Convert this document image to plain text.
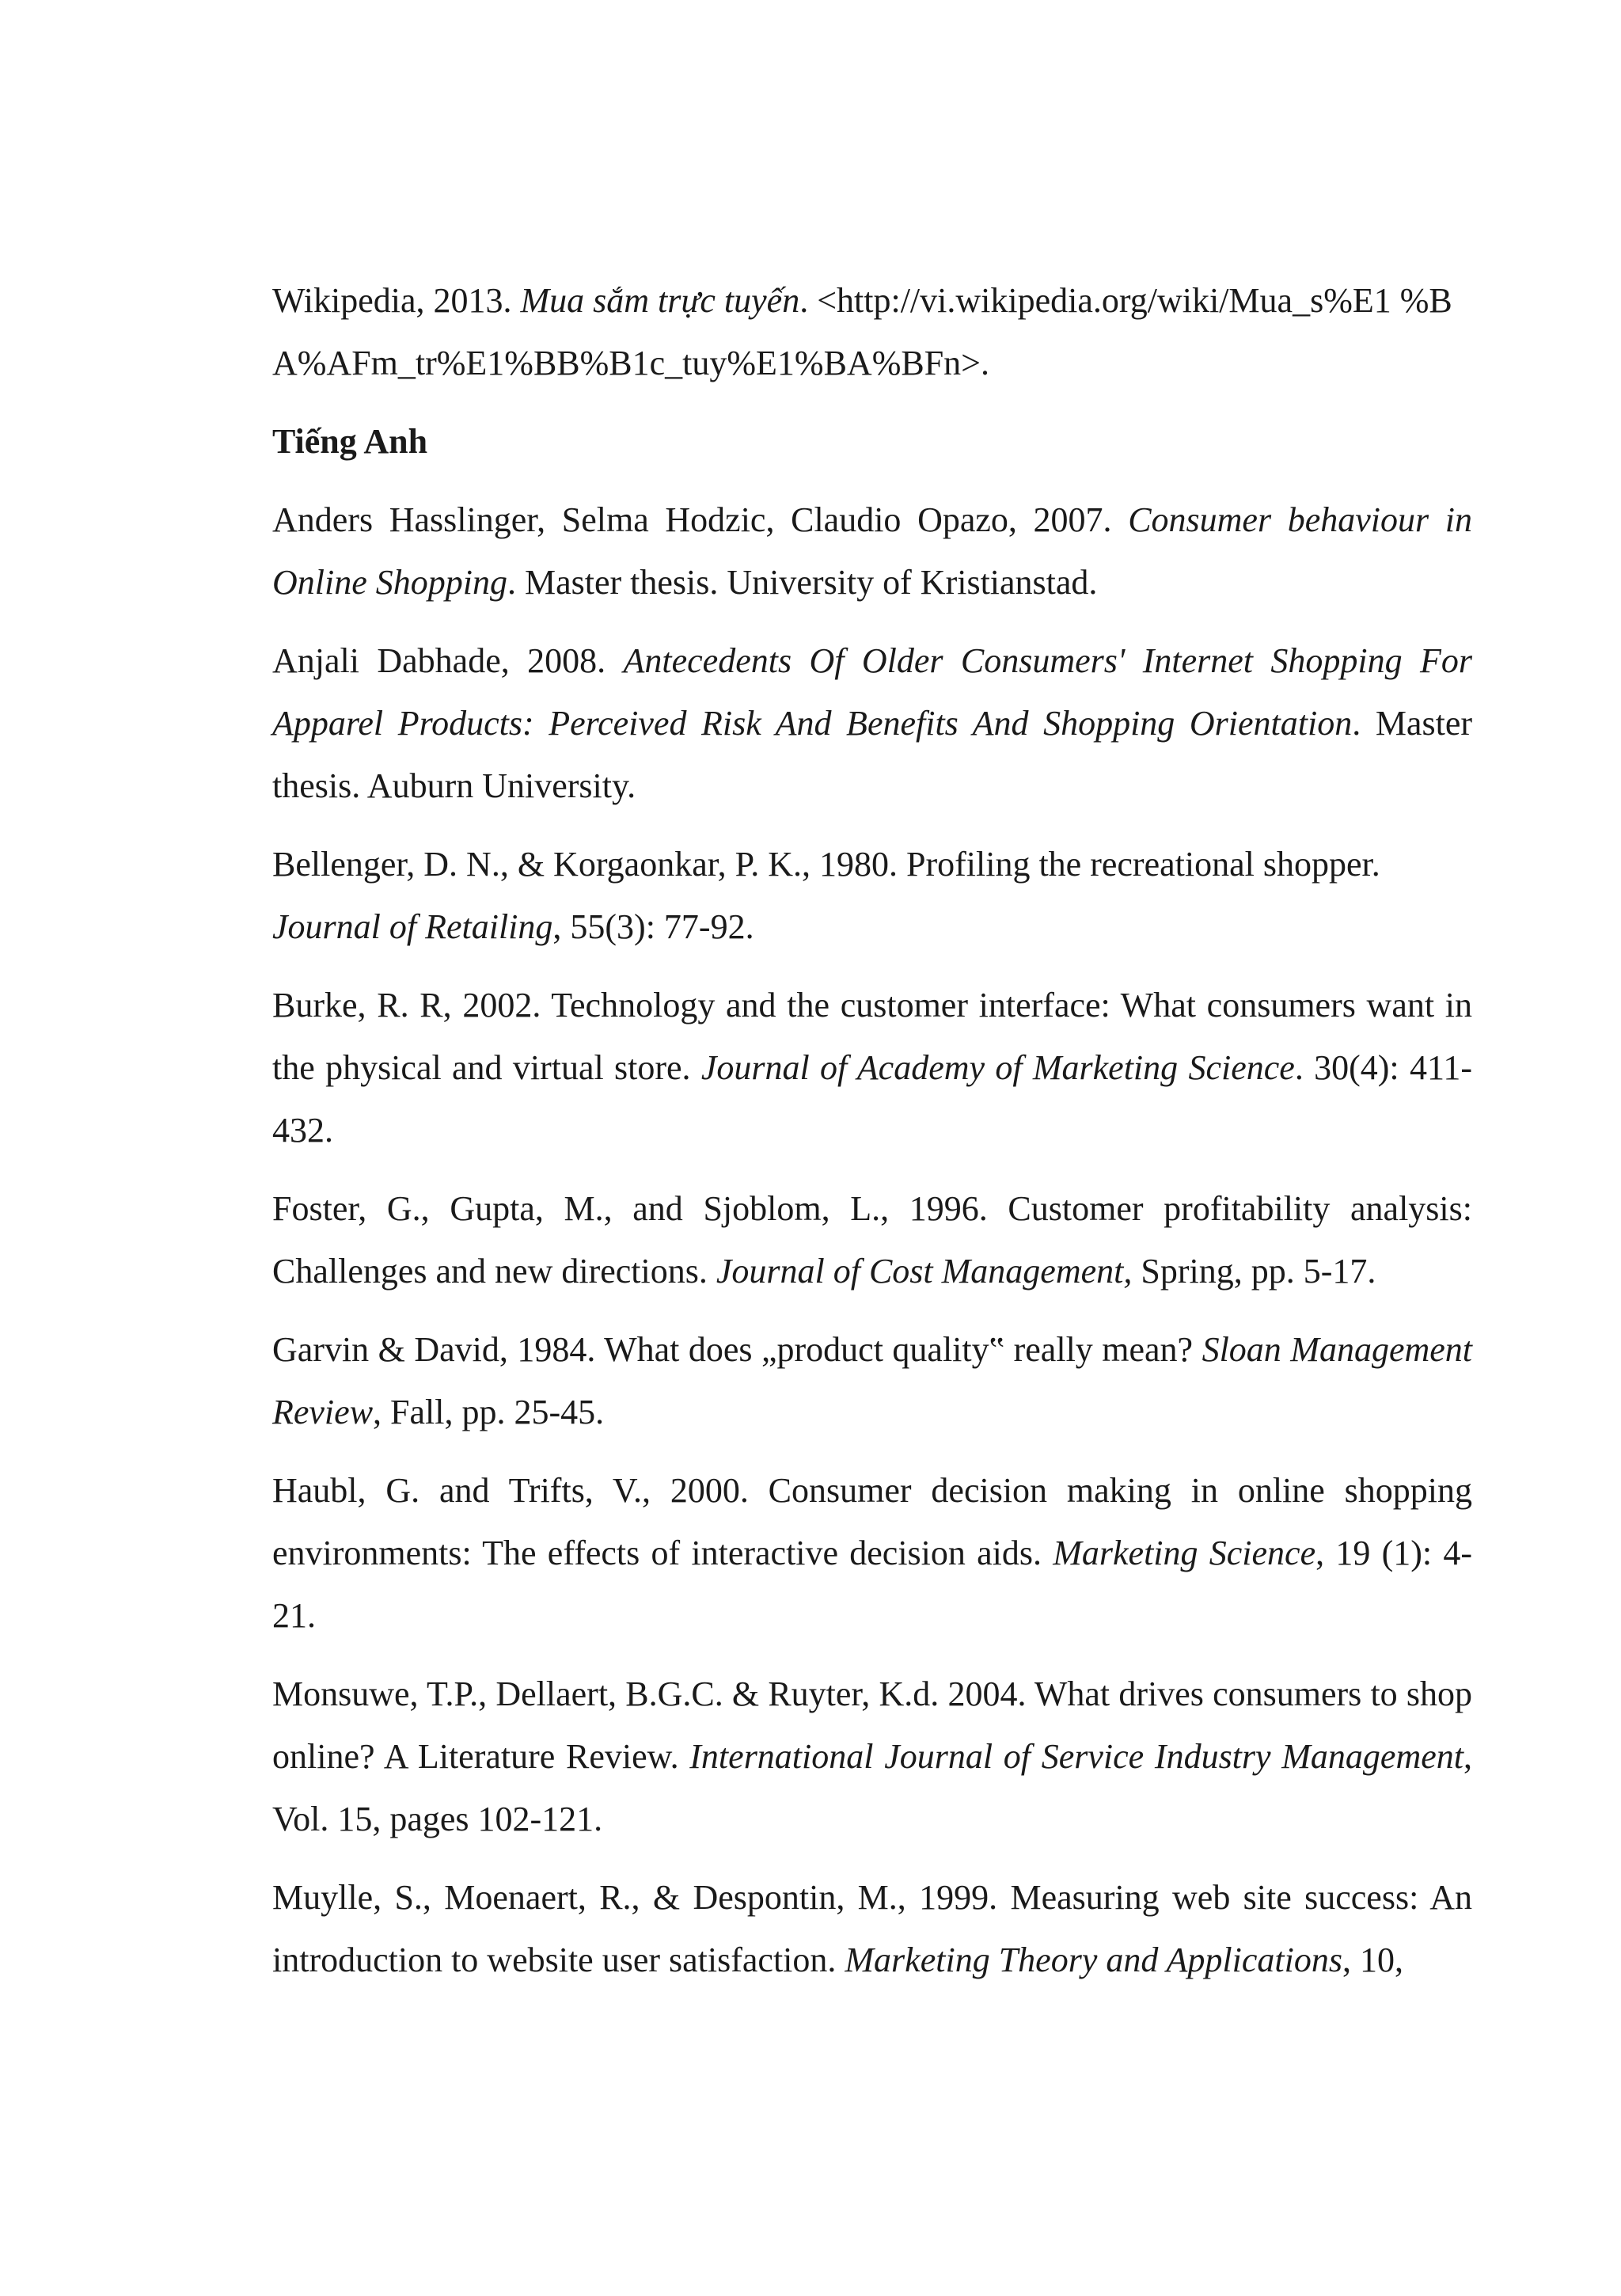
Wikipedia, 2013. Mua sắm trực tuyến. <http://vi.wikipedia.org/wiki/Mua_s%E1 %BA%AFm_tr%E1%BB%B1c_tuy%E1%BA%BFn>.

Tiếng Anh

Anders Hasslinger, Selma Hodzic, Claudio Opazo, 2007. Consumer behaviour in Online Shopping. Master thesis. University of Kristianstad.

Anjali Dabhade, 2008. Antecedents Of Older Consumers' Internet Shopping For Apparel Products: Perceived Risk And Benefits And Shopping Orientation. Master thesis. Auburn University.

Bellenger, D. N., & Korgaonkar, P. K., 1980. Profiling the recreational shopper. Journal of Retailing, 55(3): 77-92.

Burke, R. R, 2002. Technology and the customer interface: What consumers want in the physical and virtual store. Journal of Academy of Marketing Science. 30(4): 411-432.

Foster, G., Gupta, M., and Sjoblom, L., 1996. Customer profitability analysis: Challenges and new directions. Journal of Cost Management, Spring, pp. 5-17.

Garvin & David, 1984. What does „product quality‟ really mean? Sloan Management Review, Fall, pp. 25-45.

Haubl, G. and Trifts, V., 2000. Consumer decision making in online shopping environments: The effects of interactive decision aids. Marketing Science, 19 (1): 4-21.

Monsuwe, T.P., Dellaert, B.G.C. & Ruyter, K.d. 2004. What drives consumers to shop online? A Literature Review. International Journal of Service Industry Management, Vol. 15, pages 102-121.

Muylle, S., Moenaert, R., & Despontin, M., 1999. Measuring web site success: An introduction to website user satisfaction. Marketing Theory and Applications, 10,
